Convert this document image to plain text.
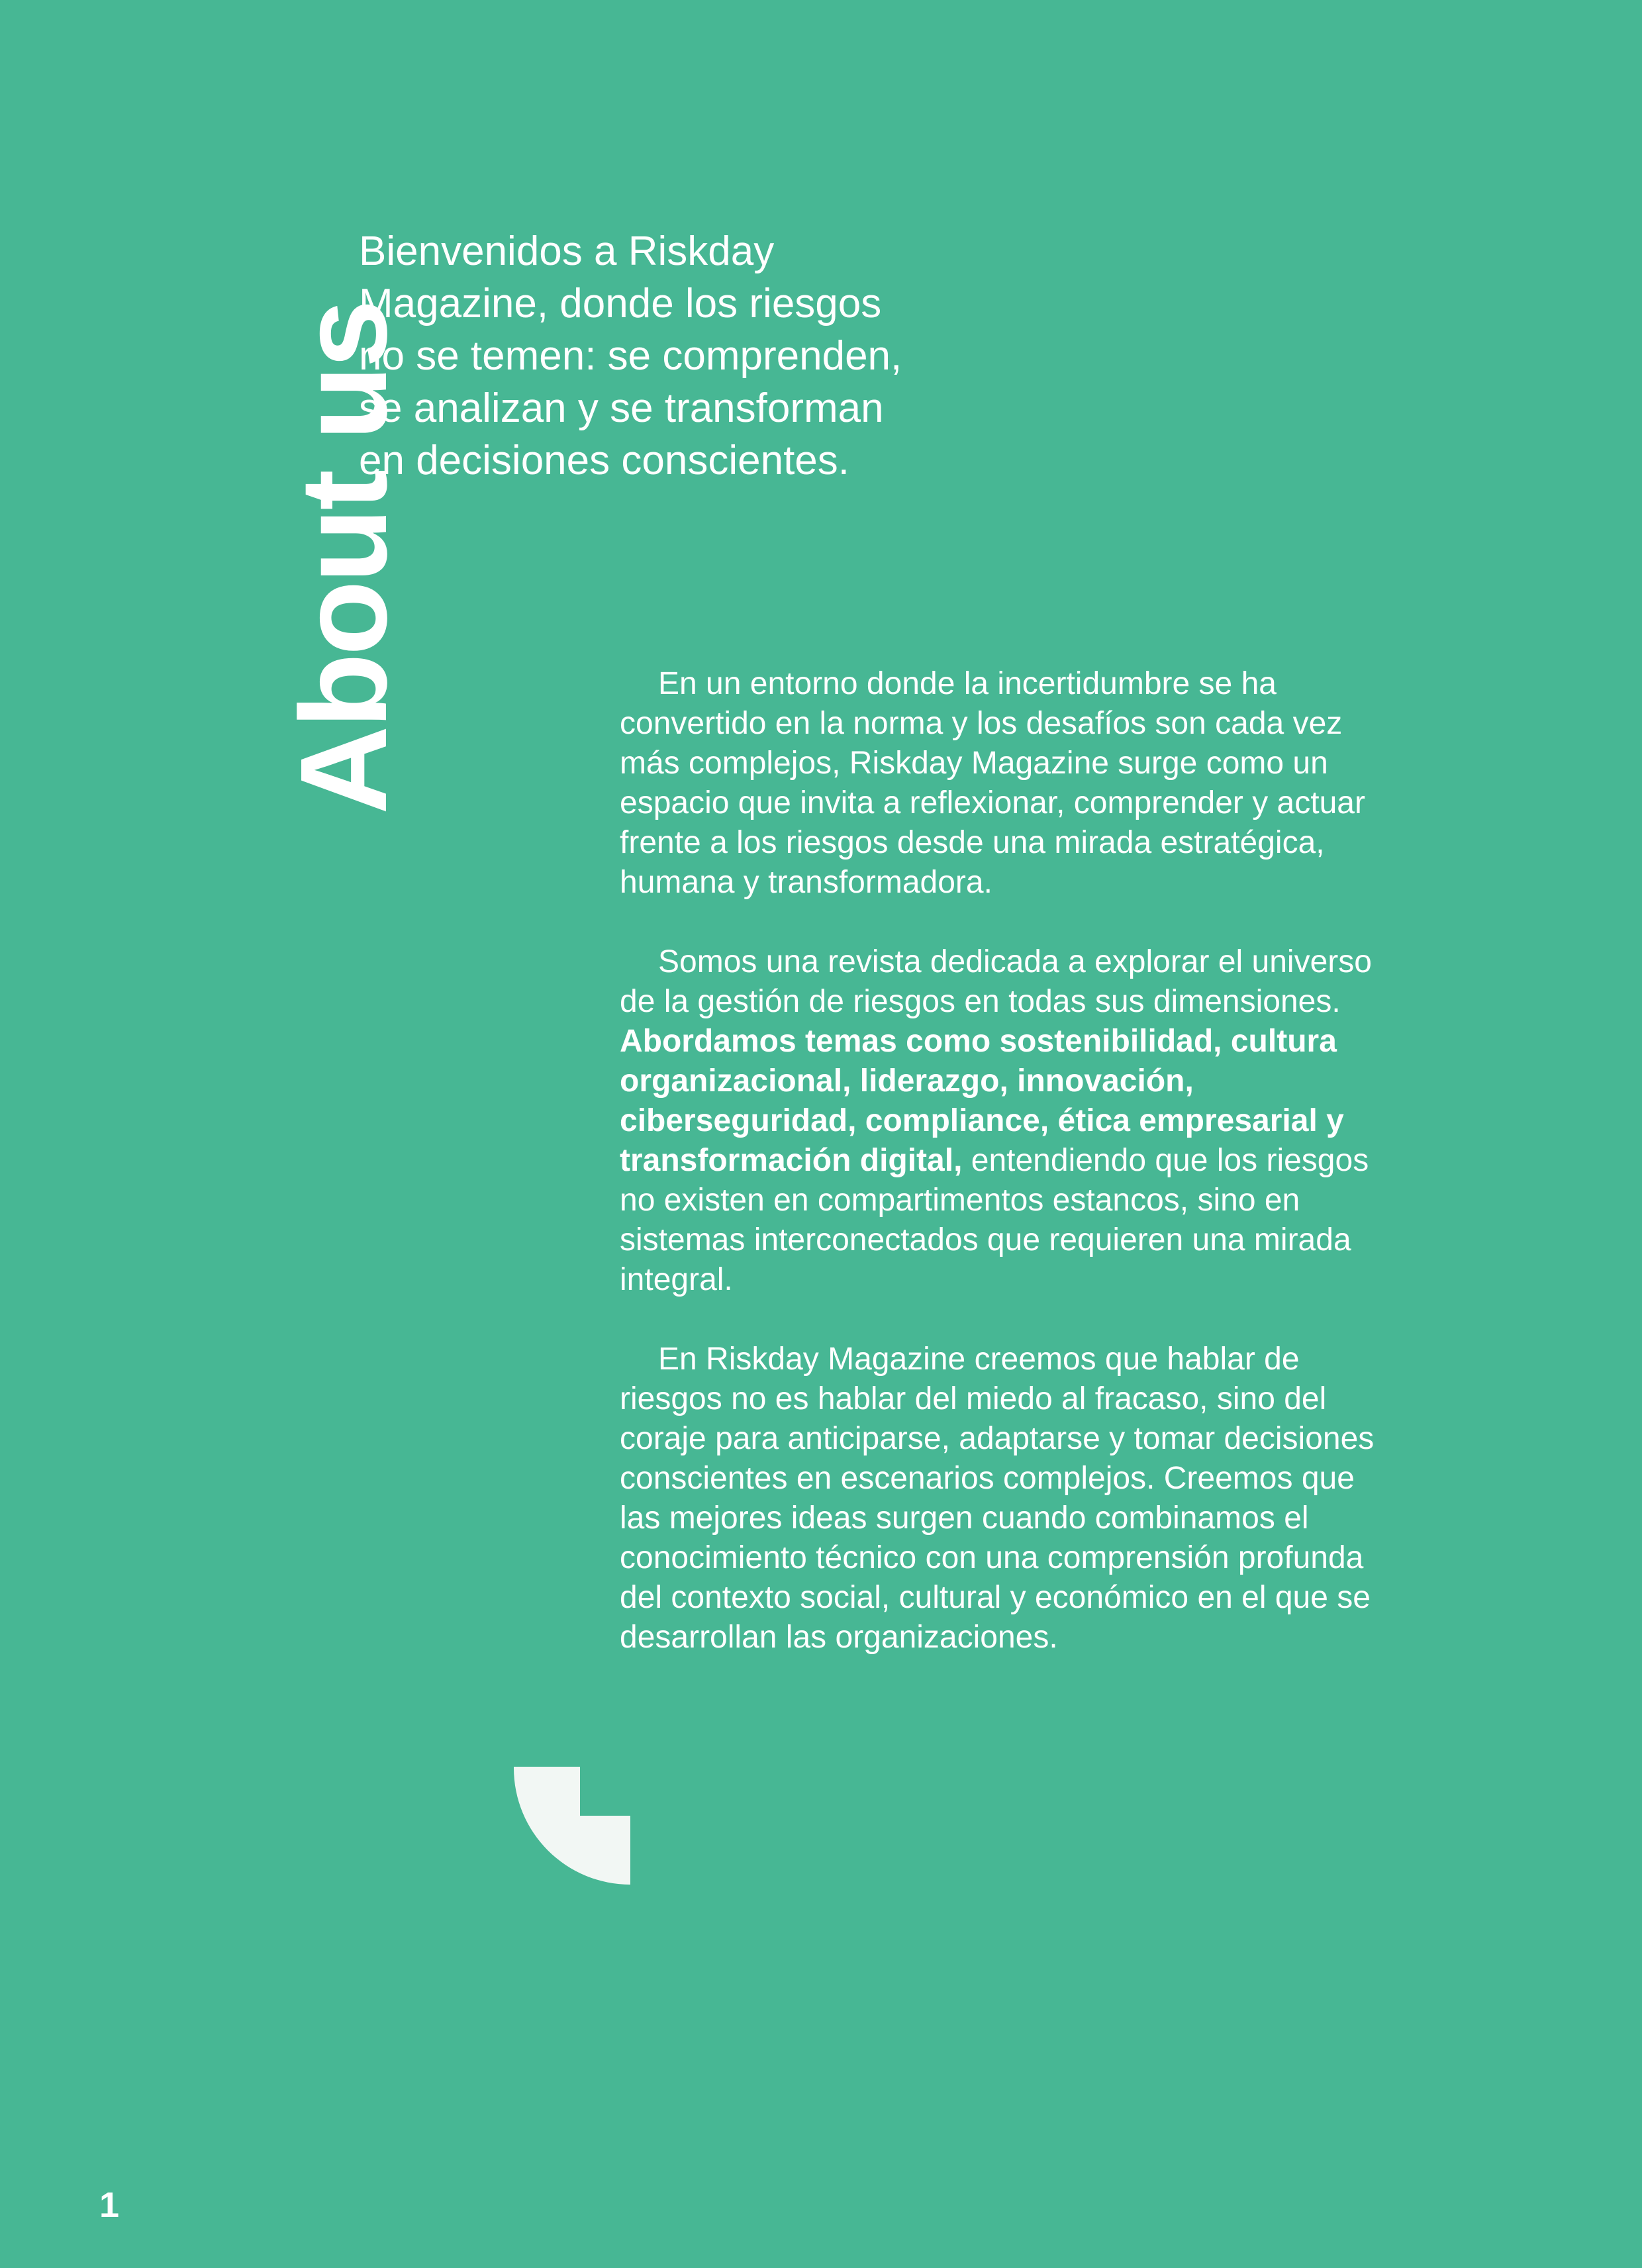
About us

Bienvenidos a Riskday Magazine, donde los riesgos no se temen: se comprenden, se analizan y se transforman en decisiones conscientes.

En un entorno donde la incertidumbre se ha convertido en la norma y los desafíos son cada vez más complejos, Riskday Magazine surge como un espacio que invita a reflexionar, comprender y actuar frente a los riesgos desde una mirada estratégica, humana y transformadora.

Somos una revista dedicada a explorar el universo de la gestión de riesgos en todas sus dimensiones. Abordamos temas como sostenibilidad, cultura organizacional, liderazgo, innovación, ciberseguridad, compliance, ética empresarial y transformación digital, entendiendo que los riesgos no existen en compartimentos estancos, sino en sistemas interconectados que requieren una mirada integral.

En Riskday Magazine creemos que hablar de riesgos no es hablar del miedo al fracaso, sino del coraje para anticiparse, adaptarse y tomar decisiones conscientes en escenarios complejos. Creemos que las mejores ideas surgen cuando combinamos el conocimiento técnico con una comprensión profunda del contexto social, cultural y económico en el que se desarrollan las organizaciones.

1
